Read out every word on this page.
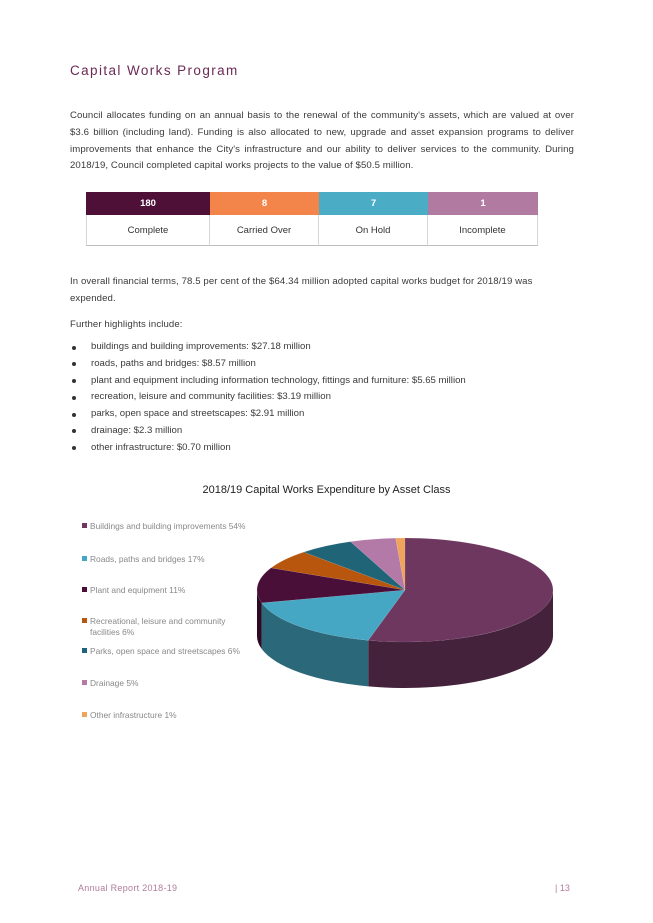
Capital Works Program

Council allocates funding on an annual basis to the renewal of the community's assets, which are valued at over $3.6 billion (including land). Funding is also allocated to new, upgrade and asset expansion programs to deliver improvements that enhance the City's infrastructure and our ability to deliver services to the community. During 2018/19, Council completed capital works projects to the value of $50.5 million.

180	8	7	1
Complete	Carried Over	On Hold	Incomplete

In overall financial terms, 78.5 per cent of the $64.34 million adopted capital works budget for 2018/19 was expended.

Further highlights include:

buildings and building improvements: $27.18 million
roads, paths and bridges: $8.57 million
plant and equipment including information technology, fittings and furniture: $5.65 million
recreation, leisure and community facilities: $3.19 million
parks, open space and streetscapes: $2.91 million
drainage: $2.3 million
other infrastructure: $0.70 million
2018/19 Capital Works Expenditure by Asset Class
Buildings and building improvements 54%
Roads, paths and bridges 17%
Plant and equipment 11%
Recreational, leisure and community facilities 6%
Parks, open space and streetscapes 6%
Drainage 5%
Other infrastructure 1%
Annual Report 2018-19	| 13
